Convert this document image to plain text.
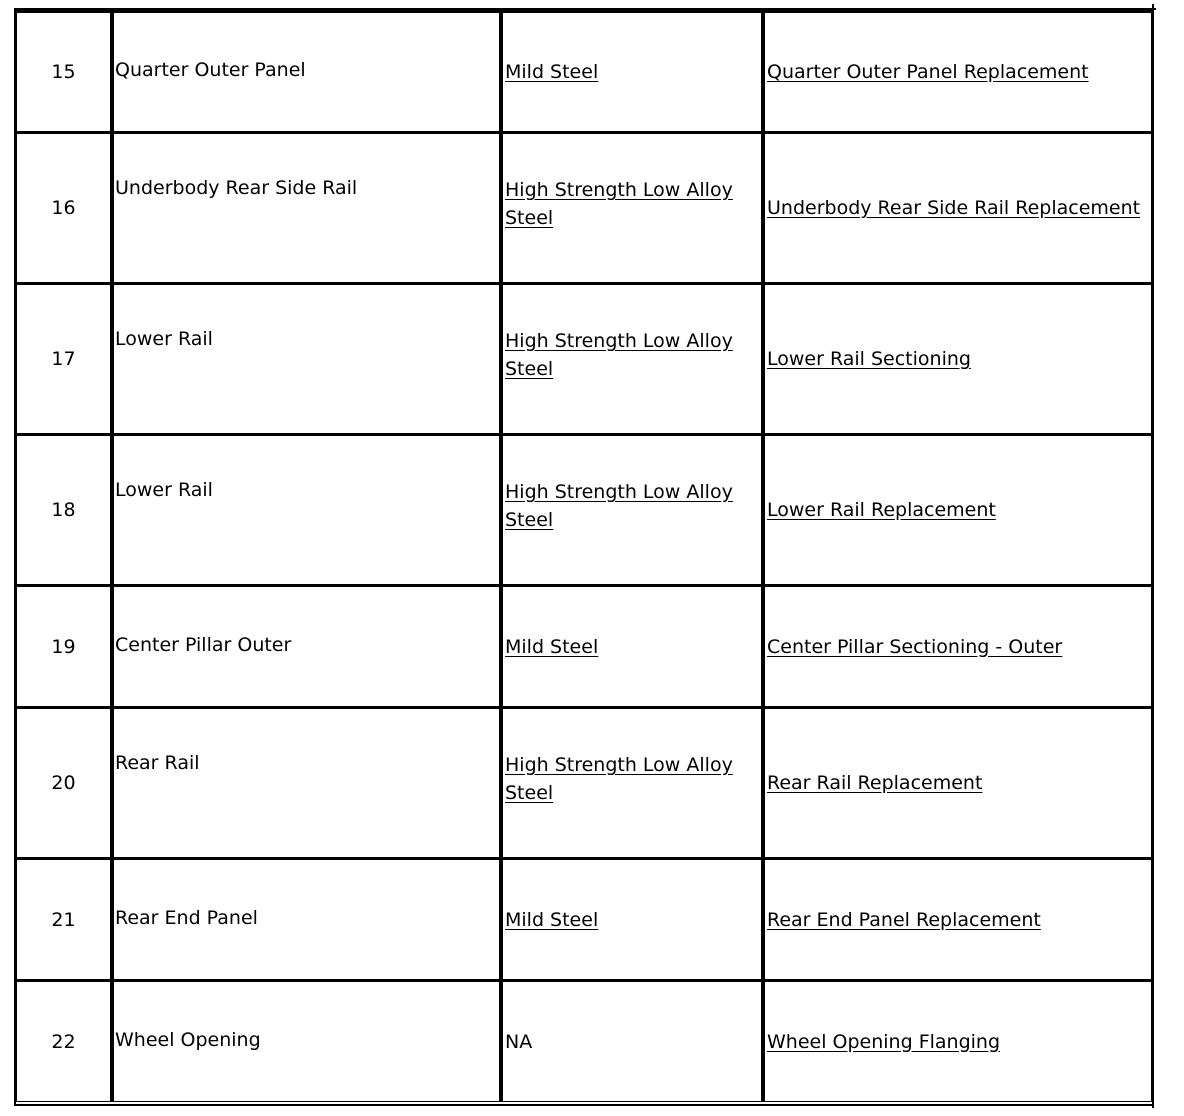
15	Quarter Outer Panel	Mild Steel	Quarter Outer Panel Replacement
16	Underbody Rear Side Rail	High Strength Low Alloy Steel	Underbody Rear Side Rail Replacement
17	Lower Rail	High Strength Low Alloy Steel	Lower Rail Sectioning
18	Lower Rail	High Strength Low Alloy Steel	Lower Rail Replacement
19	Center Pillar Outer	Mild Steel	Center Pillar Sectioning - Outer
20	Rear Rail	High Strength Low Alloy Steel	Rear Rail Replacement
21	Rear End Panel	Mild Steel	Rear End Panel Replacement
22	Wheel Opening	NA	Wheel Opening Flanging
